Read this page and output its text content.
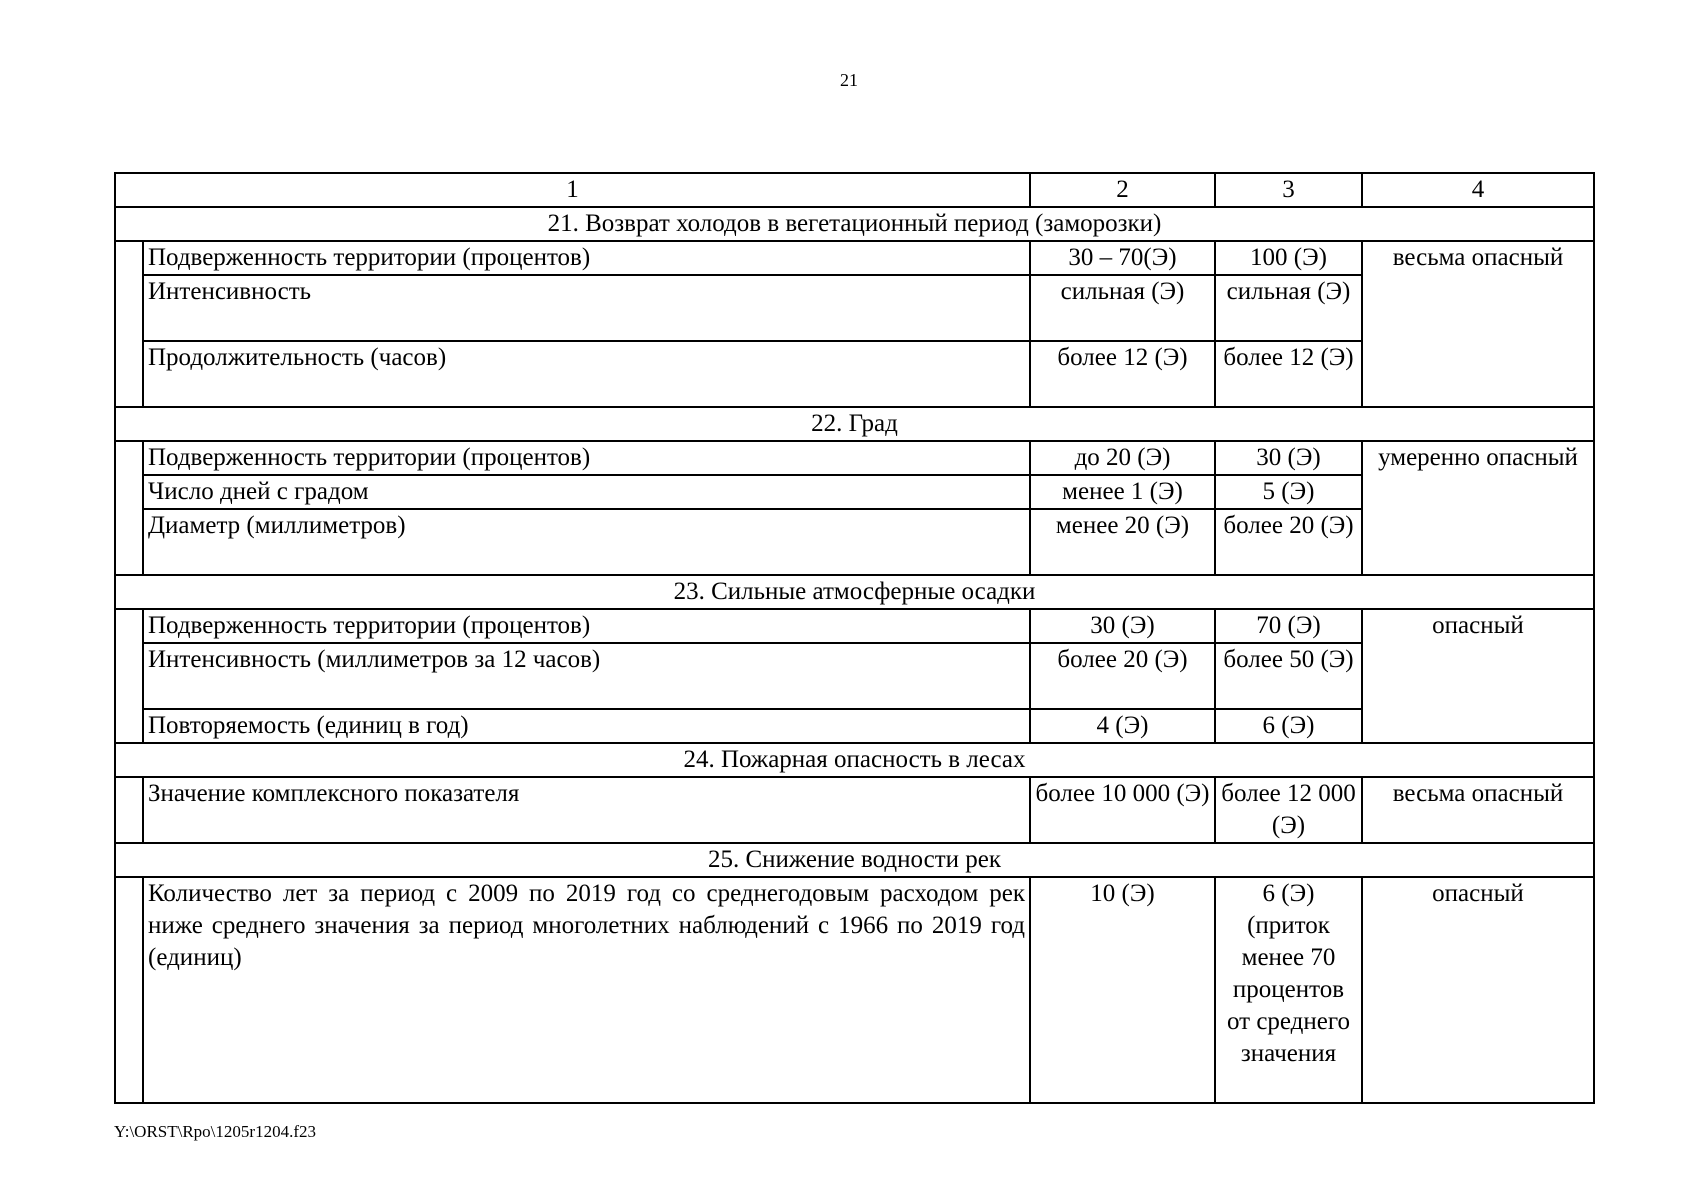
21
1		2	3	4
21. Возврат холодов в вегетационный период (заморозки)				
	Подверженность территории (процентов)	30 – 70(Э)	100 (Э)	весьма опасный
	Интенсивность	сильная (Э)	сильная (Э)	
	Продолжительность (часов)	более 12 (Э)	более 12 (Э)	
22. Град				
	Подверженность территории (процентов)	до 20 (Э)	30 (Э)	умеренно опасный
	Число дней с градом	менее 1 (Э)	5 (Э)	
	Диаметр (миллиметров)	менее 20 (Э)	более 20 (Э)	
23. Сильные атмосферные осадки				
	Подверженность территории (процентов)	30 (Э)	70 (Э)	опасный
	Интенсивность (миллиметров за 12 часов)	более 20 (Э)	более 50 (Э)	
	Повторяемость (единиц в год)	4 (Э)	6 (Э)	
24. Пожарная опасность в лесах				
	Значение комплексного показателя	более 10 000 (Э)	более 12 000 (Э)	весьма опасный
25. Снижение водности рек				
	Количество лет за период с 2009 по 2019 год со среднегодовым расходом рек ниже среднего значения за период многолетних наблюдений с 1966 по 2019 год (единиц)	10 (Э)	6 (Э) (приток менее 70 процентов от среднего значения	опасный
Y:\ORST\Rpo\1205r1204.f23
